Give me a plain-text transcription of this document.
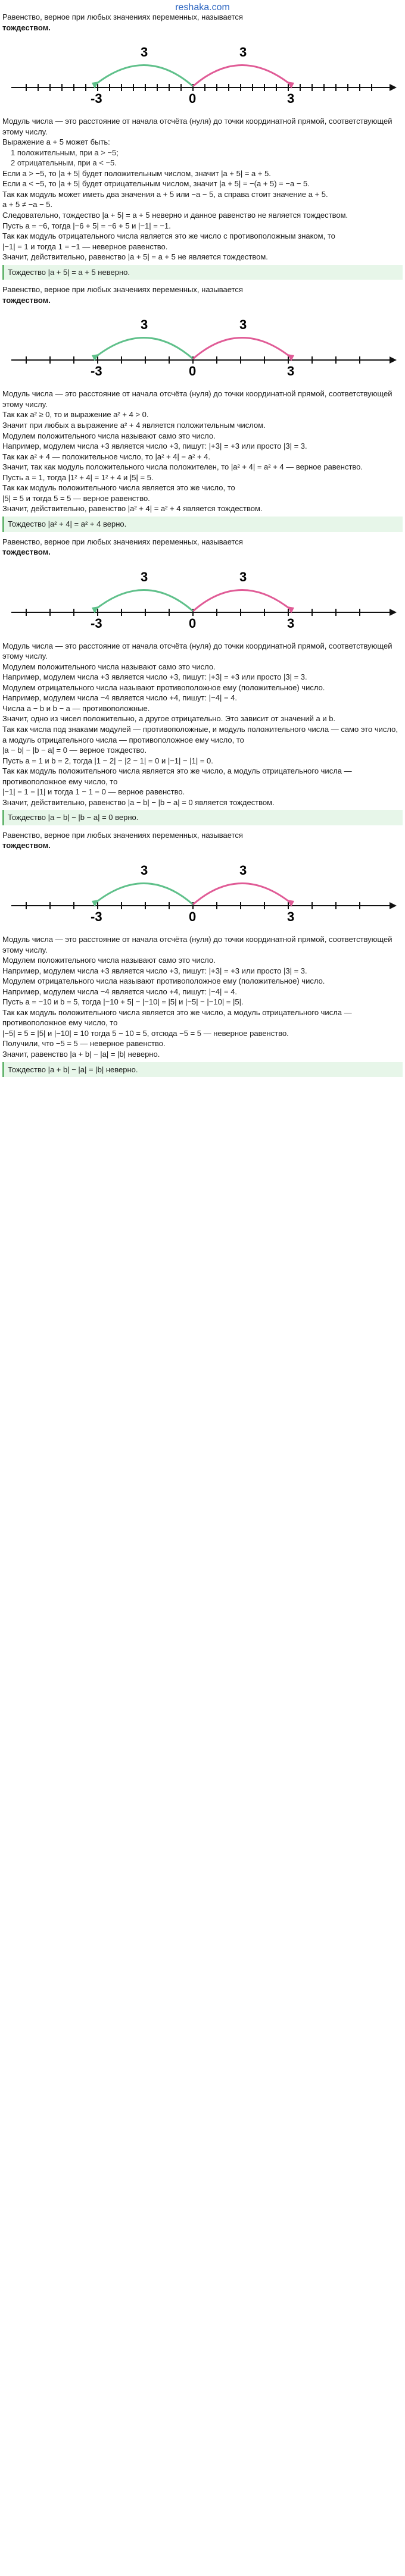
reshaka.com
Равенство, верное при любых значениях переменных, называется
тождеством.
-3	0	3
3	3
Модуль числа — это расстояние от начала отсчёта (нуля) до точки координатной прямой, соответствующей этому числу.
Выражение a + 5 может быть:
1 положительным, при a > −5;
2 отрицательным, при a < −5.
Если a > −5, то |a + 5| будет положительным числом, значит |a + 5| = a + 5.
Если a < −5, то |a + 5| будет отрицательным числом, значит |a + 5| = −(a + 5) = −a − 5.
Так как модуль может иметь два значения a + 5 или −a − 5, а справа стоит значение a + 5.
a + 5 ≠ −a − 5.
Следовательно, тождество |a + 5| = a + 5 неверно и данное равенство не является тождеством.
Пусть a = −6, тогда |−6 + 5| = −6 + 5 и |−1| = −1.
Так как модуль отрицательного числа является это же число с противоположным знаком, то
|−1| = 1 и тогда 1 = −1 — неверное равенство.
Значит, действительно, равенство |a + 5| = a + 5 не является тождеством.
Тождество |a + 5| = a + 5 неверно.
Равенство, верное при любых значениях переменных, называется
тождеством.
-3	0	3
3	3
Модуль числа — это расстояние от начала отсчёта (нуля) до точки координатной прямой, соответствующей этому числу.
Так как a² ≥ 0, то и выражение a² + 4 > 0.
Значит при любых a выражение a² + 4 является положительным числом.
Модулем положительного числа называют само это число.
Например, модулем числа +3 является число +3, пишут: |+3| = +3 или просто |3| = 3.
Так как a² + 4 — положительное число, то |a² + 4| = a² + 4.
Значит, так как модуль положительного числа положителен, то |a² + 4| = a² + 4 — верное равенство.
Пусть a = 1, тогда |1² + 4| = 1² + 4 и |5| = 5.
Так как модуль положительного числа является это же число, то
|5| = 5 и тогда 5 = 5 — верное равенство.
Значит, действительно, равенство |a² + 4| = a² + 4 является тождеством.
Тождество |a² + 4| = a² + 4 верно.
Равенство, верное при любых значениях переменных, называется
тождеством.
-3	0	3
3	3
Модуль числа — это расстояние от начала отсчёта (нуля) до точки координатной прямой, соответствующей этому числу.
Модулем положительного числа называют само это число.
Например, модулем числа +3 является число +3, пишут: |+3| = +3 или просто |3| = 3.
Модулем отрицательного числа называют противоположное ему (положительное) число.
Например, модулем числа −4 является число +4, пишут: |−4| = 4.
Числа a − b и b − a — противоположные.
Значит, одно из чисел положительно, а другое отрицательно. Это зависит от значений a и b.
Так как числа под знаками модулей — противоположные, и модуль положительного числа — само это число, а модуль отрицательного числа — противоположное ему число, то
|a − b| − |b − a| = 0 — верное тождество.
Пусть a = 1 и b = 2, тогда |1 − 2| − |2 − 1| = 0 и |−1| − |1| = 0.
Так как модуль положительного числа является это же число, а модуль отрицательного числа — противоположное ему число, то
|−1| = 1 = |1| и тогда 1 − 1 = 0 — верное равенство.
Значит, действительно, равенство |a − b| − |b − a| = 0 является тождеством.
Тождество |a − b| − |b − a| = 0 верно.
Равенство, верное при любых значениях переменных, называется
тождеством.
-3	0	3
3	3
Модуль числа — это расстояние от начала отсчёта (нуля) до точки координатной прямой, соответствующей этому числу.
Модулем положительного числа называют само это число.
Например, модулем числа +3 является число +3, пишут: |+3| = +3 или просто |3| = 3.
Модулем отрицательного числа называют противоположное ему (положительное) число.
Например, модулем числа −4 является число +4, пишут: |−4| = 4.
Пусть a = −10 и b = 5, тогда |−10 + 5| − |−10| = |5| и |−5| − |−10| = |5|.
Так как модуль положительного числа является это же число, а модуль отрицательного числа — противоположное ему число, то
|−5| = 5 = |5| и |−10| = 10 тогда 5 − 10 = 5, отсюда −5 = 5 — неверное равенство.
Получили, что −5 = 5 — неверное равенство.
Значит, равенство |a + b| − |a| = |b| неверно.
Тождество |a + b| − |a| = |b| неверно.
